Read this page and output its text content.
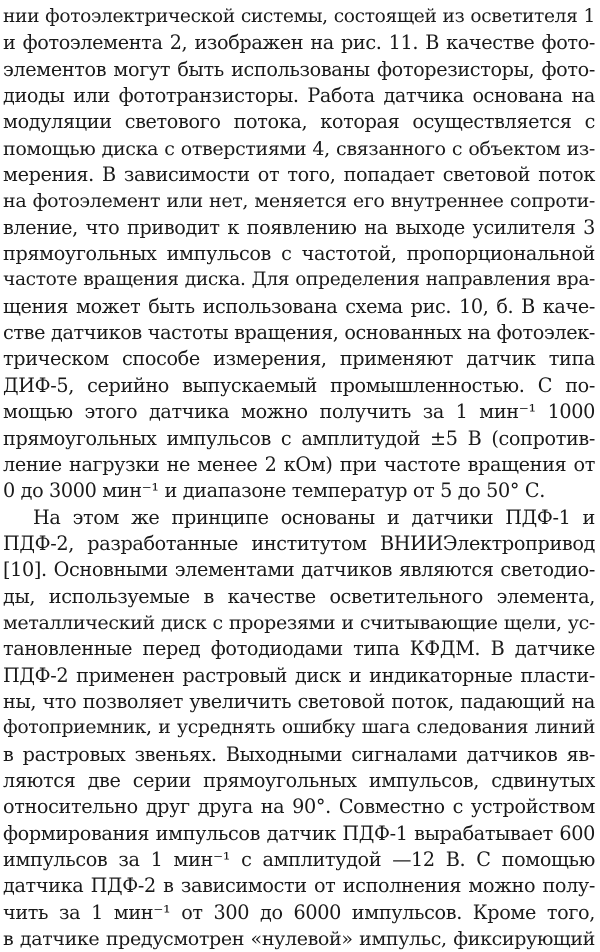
нии фотоэлектрической системы, состоящей из осветителя 1
и фотоэлемента 2, изображен на рис. 11. В качестве фото-
элементов могут быть использованы фоторезисторы, фото-
диоды или фототранзисторы. Работа датчика основана на
модуляции светового потока, которая осуществляется с
помощью диска с отверстиями 4, связанного с объектом из-
мерения. В зависимости от того, попадает световой поток
на фотоэлемент или нет, меняется его внутреннее сопроти-
вление, что приводит к появлению на выходе усилителя 3
прямоугольных импульсов с частотой, пропорциональной
частоте вращения диска. Для определения направления вра-
щения может быть использована схема рис. 10, б. В каче-
стве датчиков частоты вращения, основанных на фотоэлек-
трическом способе измерения, применяют датчик типа
ДИФ-5, серийно выпускаемый промышленностью. С по-
мощью этого датчика можно получить за 1 мин⁻¹ 1000
прямоугольных импульсов с амплитудой ±5 В (сопротив-
ление нагрузки не менее 2 кОм) при частоте вращения от
0 до 3000 мин⁻¹ и диапазоне температур от 5 до 50° С.
На этом же принципе основаны и датчики ПДФ-1 и
ПДФ-2, разработанные институтом ВНИИЭлектропривод
[10]. Основными элементами датчиков являются светодио-
ды, используемые в качестве осветительного элемента,
металлический диск с прорезями и считывающие щели, ус-
тановленные перед фотодиодами типа КФДМ. В датчике
ПДФ-2 применен растровый диск и индикаторные пласти-
ны, что позволяет увеличить световой поток, падающий на
фотоприемник, и усреднять ошибку шага следования линий
в растровых звеньях. Выходными сигналами датчиков яв-
ляются две серии прямоугольных импульсов, сдвинутых
относительно друг друга на 90°. Совместно с устройством
формирования импульсов датчик ПДФ-1 вырабатывает 600
импульсов за 1 мин⁻¹ с амплитудой —12 В. С помощью
датчика ПДФ-2 в зависимости от исполнения можно полу-
чить за 1 мин⁻¹ от 300 до 6000 импульсов. Кроме того,
в датчике предусмотрен «нулевой» импульс, фиксирующий
